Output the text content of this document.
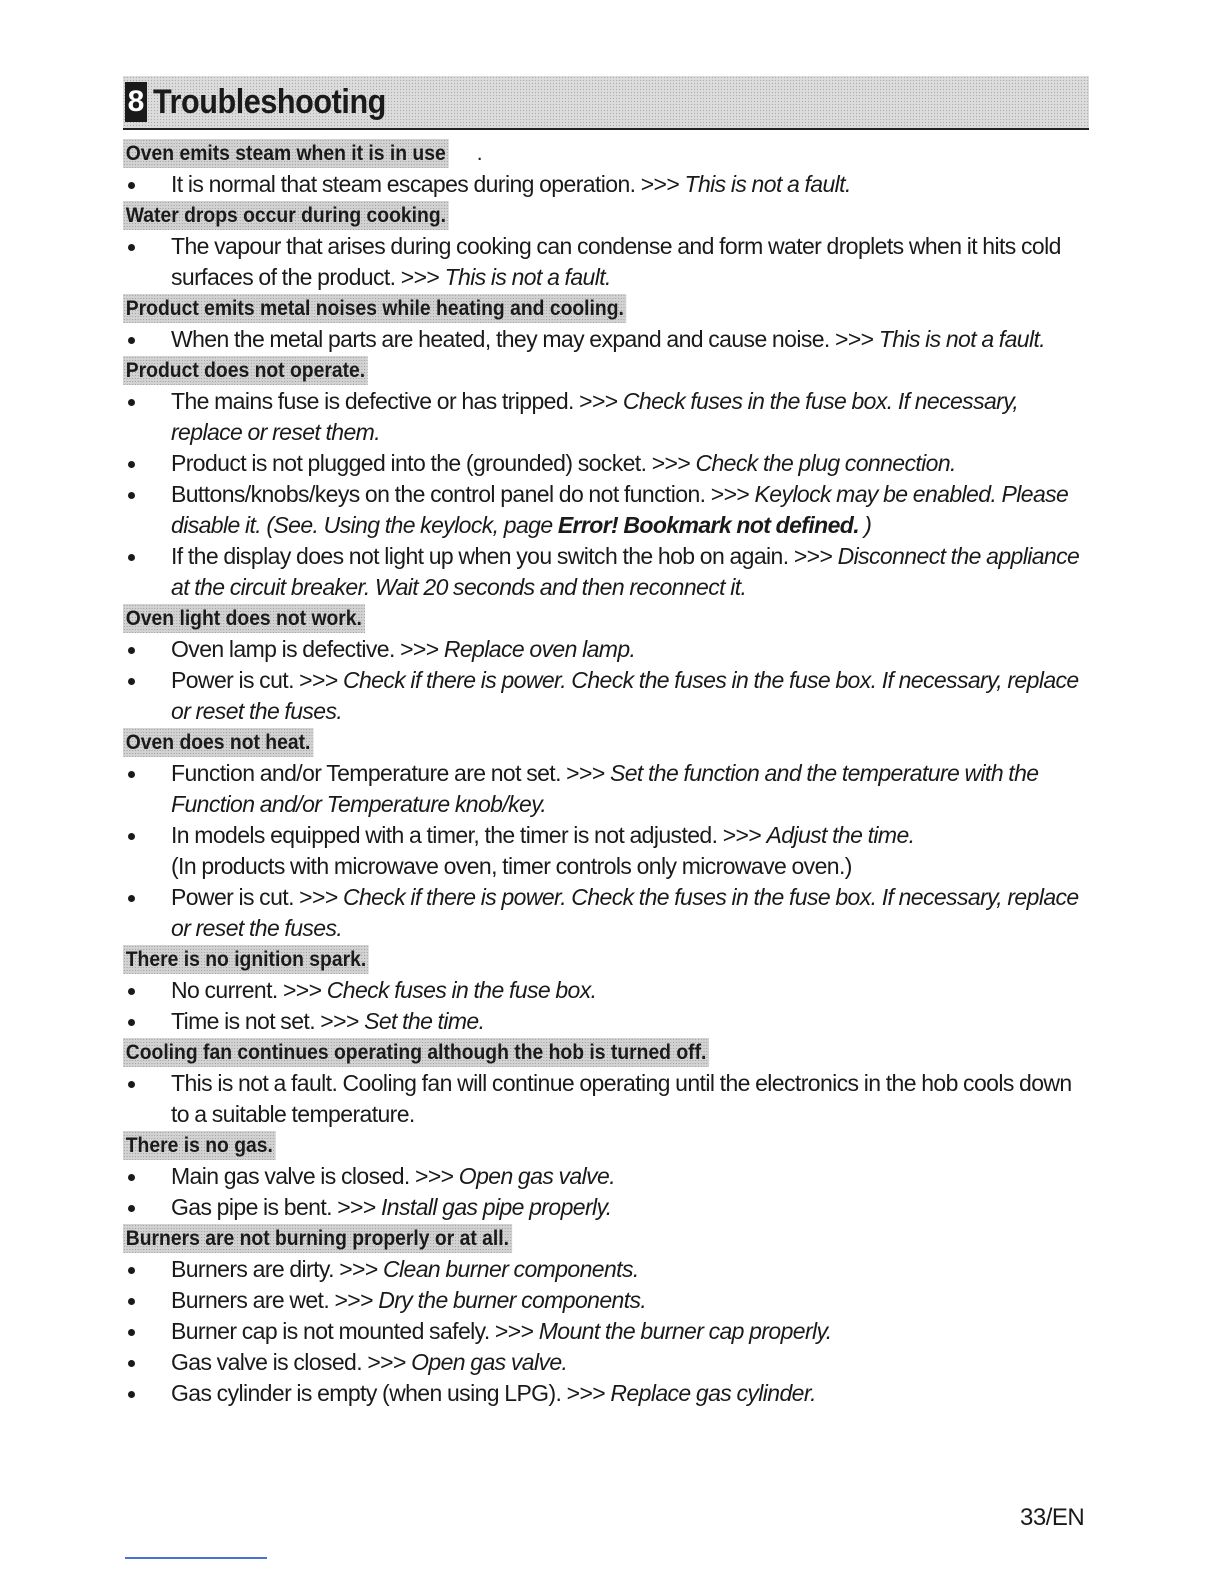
8 Troubleshooting
Oven emits steam when it is in use .
It is normal that steam escapes during operation. >>> This is not a fault.
Water drops occur during cooking.
The vapour that arises during cooking can condense and form water droplets when it hits cold surfaces of the product. >>> This is not a fault.
Product emits metal noises while heating and cooling.
When the metal parts are heated, they may expand and cause noise. >>> This is not a fault.
Product does not operate.
The mains fuse is defective or has tripped. >>> Check fuses in the fuse box. If necessary, replace or reset them.
Product is not plugged into the (grounded) socket. >>> Check the plug connection.
Buttons/knobs/keys on the control panel do not function. >>> Keylock may be enabled. Please disable it. (See. Using the keylock, page Error! Bookmark not defined. )
If the display does not light up when you switch the hob on again. >>> Disconnect the appliance at the circuit breaker. Wait 20 seconds and then reconnect it.
Oven light does not work.
Oven lamp is defective. >>> Replace oven lamp.
Power is cut. >>> Check if there is power. Check the fuses in the fuse box. If necessary, replace or reset the fuses.
Oven does not heat.
Function and/or Temperature are not set. >>> Set the function and the temperature with the Function and/or Temperature knob/key.
In models equipped with a timer, the timer is not adjusted. >>> Adjust the time.
(In products with microwave oven, timer controls only microwave oven.)
Power is cut. >>> Check if there is power. Check the fuses in the fuse box. If necessary, replace or reset the fuses.
There is no ignition spark.
No current. >>> Check fuses in the fuse box.
Time is not set. >>> Set the time.
Cooling fan continues operating although the hob is turned off.
This is not a fault. Cooling fan will continue operating until the electronics in the hob cools down to a suitable temperature.
There is no gas.
Main gas valve is closed. >>> Open gas valve.
Gas pipe is bent. >>> Install gas pipe properly.
Burners are not burning properly or at all.
Burners are dirty. >>> Clean burner components.
Burners are wet. >>> Dry the burner components.
Burner cap is not mounted safely. >>> Mount the burner cap properly.
Gas valve is closed. >>> Open gas valve.
Gas cylinder is empty (when using LPG). >>> Replace gas cylinder.
33/EN
